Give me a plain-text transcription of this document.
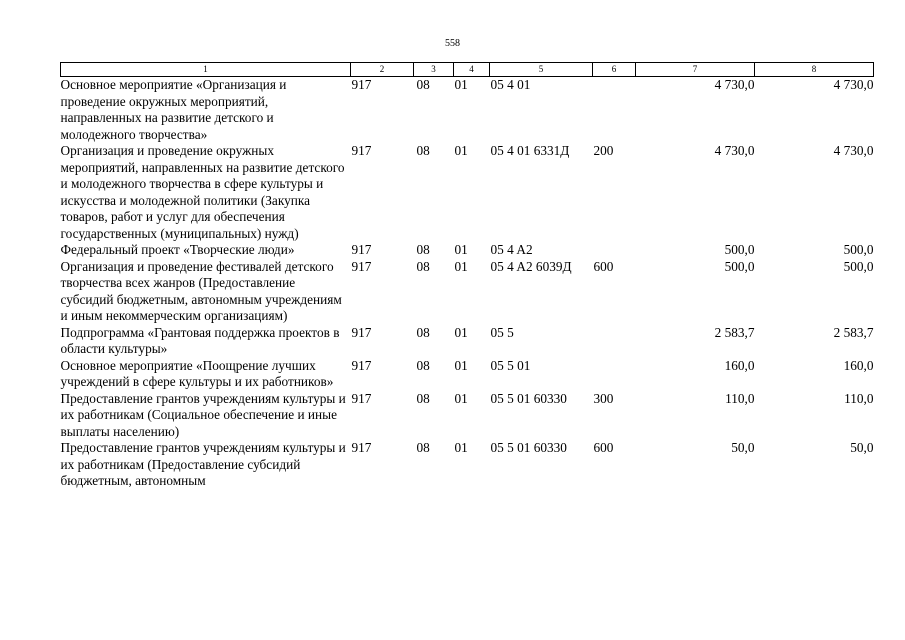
558
1	2	3	4	5	6	7	8
Основное мероприятие «Организация и проведение окружных мероприятий, направленных на развитие детского и молодежного творчества»	917	08	01	05 4 01		4 730,0	4 730,0
Организация и проведение окружных мероприятий, направленных на развитие детского и молодежного творчества в сфере культуры и искусства и молодежной политики (Закупка товаров, работ и услуг для обеспечения государственных (муниципальных) нужд)	917	08	01	05 4 01 6331Д	200	4 730,0	4 730,0
Федеральный проект «Творческие люди»	917	08	01	05 4 A2		500,0	500,0
Организация и проведение фестивалей детского творчества всех жанров (Предоставление субсидий бюджетным, автономным учреждениям и иным некоммерческим организациям)	917	08	01	05 4 A2 6039Д	600	500,0	500,0
Подпрограмма «Грантовая поддержка проектов в области культуры»	917	08	01	05 5		2 583,7	2 583,7
Основное мероприятие «Поощрение лучших учреждений в сфере культуры и их работников»	917	08	01	05 5 01		160,0	160,0
Предоставление грантов учреждениям культуры и их работникам (Социальное обеспечение и иные выплаты населению)	917	08	01	05 5 01 60330	300	110,0	110,0
Предоставление грантов учреждениям культуры и их работникам (Предоставление субсидий бюджетным, автономным	917	08	01	05 5 01 60330	600	50,0	50,0
